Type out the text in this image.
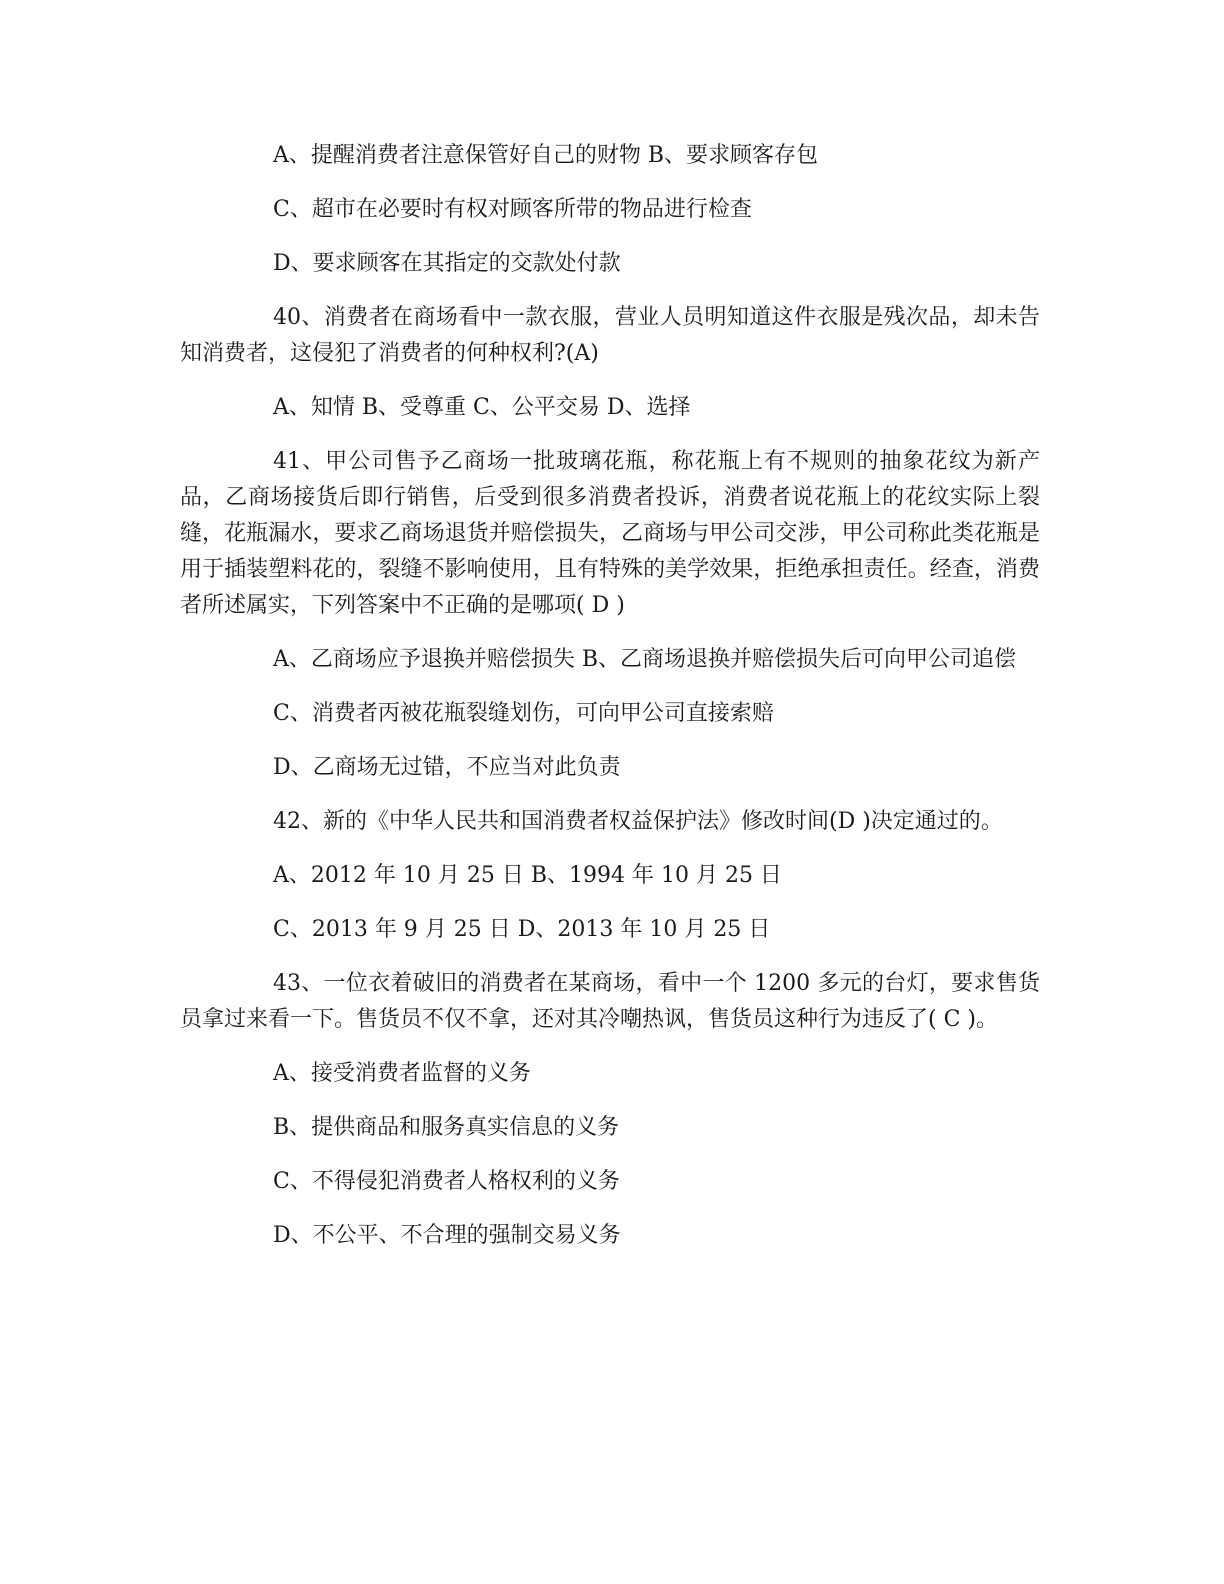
A、提醒消费者注意保管好自己的财物 B、要求顾客存包

C、超市在必要时有权对顾客所带的物品进行检查

D、要求顾客在其指定的交款处付款

40、消费者在商场看中一款衣服，营业人员明知道这件衣服是残次品，却未告知消费者，这侵犯了消费者的何种权利?(A)

A、知情 B、受尊重 C、公平交易 D、选择

41、甲公司售予乙商场一批玻璃花瓶，称花瓶上有不规则的抽象花纹为新产品，乙商场接货后即行销售，后受到很多消费者投诉，消费者说花瓶上的花纹实际上裂缝，花瓶漏水，要求乙商场退货并赔偿损失，乙商场与甲公司交涉，甲公司称此类花瓶是用于插装塑料花的，裂缝不影响使用，且有特殊的美学效果，拒绝承担责任。经查，消费者所述属实，下列答案中不正确的是哪项( D )

A、乙商场应予退换并赔偿损失 B、乙商场退换并赔偿损失后可向甲公司追偿

C、消费者丙被花瓶裂缝划伤，可向甲公司直接索赔

D、乙商场无过错，不应当对此负责

42、新的《中华人民共和国消费者权益保护法》修改时间(D )决定通过的。

A、2012 年 10 月 25 日 B、1994 年 10 月 25 日

C、2013 年 9 月 25 日 D、2013 年 10 月 25 日

43、一位衣着破旧的消费者在某商场，看中一个 1200 多元的台灯，要求售货员拿过来看一下。售货员不仅不拿，还对其冷嘲热讽，售货员这种行为违反了( C )。

A、接受消费者监督的义务

B、提供商品和服务真实信息的义务

C、不得侵犯消费者人格权利的义务

D、不公平、不合理的强制交易义务
